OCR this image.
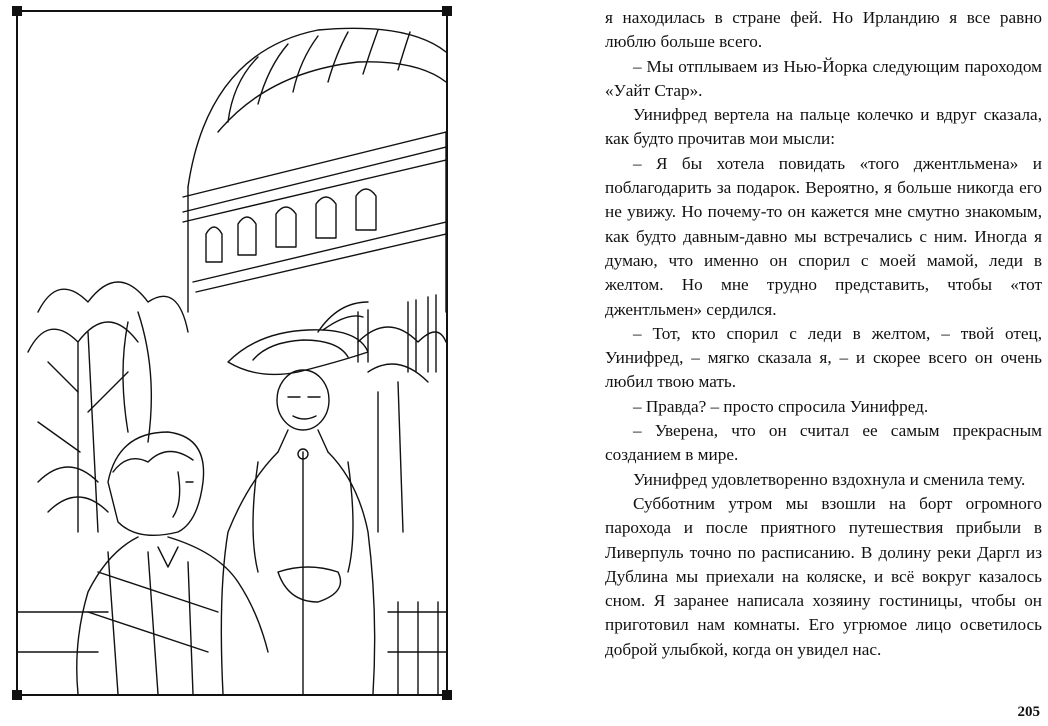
я находилась в стране фей. Но Ирландию я все равно люблю больше всего.

– Мы отплываем из Нью-Йорка следующим пароходом «Уайт Стар».

Уинифред вертела на пальце колечко и вдруг сказала, как будто прочитав мои мысли:

– Я бы хотела повидать «того джентльмена» и поблагодарить за подарок. Вероятно, я больше никогда его не увижу. Но почему-то он кажется мне смутно знакомым, как будто давным-давно мы встречались с ним. Иногда я думаю, что именно он спорил с моей мамой, леди в желтом. Но мне трудно представить, чтобы «тот джентльмен» сердился.

– Тот, кто спорил с леди в желтом, – твой отец, Уинифред, – мягко сказала я, – и скорее всего он очень любил твою мать.

– Правда? – просто спросила Уинифред.

– Уверена, что он считал ее самым прекрасным созданием в мире.

Уинифред удовлетворенно вздохнула и сменила тему.

Субботним утром мы взошли на борт огромного парохода и после приятного путешествия прибыли в Ливерпуль точно по расписанию. В долину реки Даргл из Дублина мы приехали на коляске, и всё вокруг казалось сном. Я заранее написала хозяину гостиницы, чтобы он приготовил нам комнаты. Его угрюмое лицо осветилось доброй улыбкой, когда он увидел нас.

205
